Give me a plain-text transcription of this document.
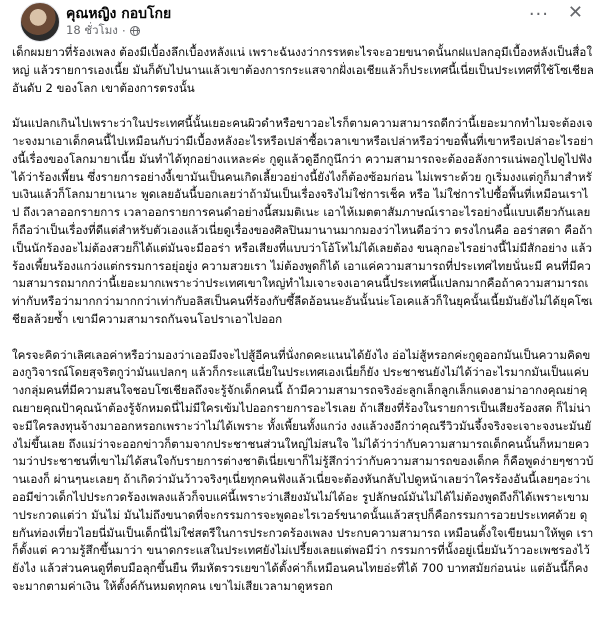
คุณหญิง กอบโกย
18 ชั่วโมง ·
··· ✕

เด็กผมยาวที่ร้องเพลง ต้องมีเบื้องลึกเบื้องหลังแน่ เพราะฉันงงว่ากรรหตะไรจะอวยขนาดนั้นกฝแปลกอุมีเบื้องหลังเป็นสื่อใหญ่ แล้วรายการเองเนี้ย มันก็ดับไปนานแล้วเขาต้องการกระแสจากฝั่งเอเชียแล้วก็ประเทศนี้เนี่ยเป็นประเทศที่ใช้โซเชียลอันดับ 2 ของโลก เขาต้องการตรงนั้น

มันแปลกเกินไปเพราะว่าในประเทศนี้นั้นเยอะคนผิวดำหรือขาวอะไรก็ตามความสามารถดีกว่านี้เยอะมากทำไมจะต้องเจาะจงมาเอาเด็กคนนี้ไปเหมือนกับว่ามีเบื้องหลังอะไรหรือเปล่าซื้อเวลาเขาหรือเปล่าหรือว่าขอพื้นที่เขาหรือเปล่าอะไรอย่างนี้เรื่องของโลกมายาเนี้ย มันทำได้ทุกอย่างเเหละค่ะ กูดูแล้วดูอีกกูนึกว่า ความสามารถจะต้องอลังการแน่พอกูไปดูไปฟังได้ว่าร้องเพี้ยน ซึ่งรายการอย่างงี้เขามันเป็นคนเกิดเลี้ยวอย่างนี้ยังไงก็ต้องซ้อมก่อน ไม่เพราะด้วย กูเริ่มงงแต่กูก็มาสำหรับเงินแล้วก็โลกมายาเนาะ พูดเลยอันนี้บอกเลยว่าถ้ามันเป็นเรื่องจริงไม่ใช่การเช็ค หรือ ไม่ใช่การไปซื้อพื้นที่เหมือนเราไป ถึงเวลาออกรายการ เวลาออกรายการคนดำอย่างนี้สมมติเนะ เอาไห้เมตตาสัมภาษณ์เราอะไรอย่างนี้แบบเดียวกันเลยก็ถือว่าเป็นเรื่องที่ดีแต่สำหรับตัวเองแล้วเนี่ยดูเรื่องของศิลปินมานานมากมองว่าไหนดีอว่าว ตรงไกนคือ ออร่าสดา คือถ้าเป็นนักร้องอะไม่ต้องสวยก็ได้แต่มันจะมีออร่า หรือเสียงที่แบบว่าโอ้โหไม่ได้เลยต้อง ขนลุกอะไรอย่างนี้ไม่มีสักอย่าง แล้วร้องเพี้ยนร้องแกว่งแต่กรรมการอยุ่อยู่ง ความสวยเรา ไม่ต้องพูดก็ได้ เอาแค่ความสามารถที่ประเทศไทยนั่นะมี คนที่มีความสามารถมากกว่านี้เยอะมากเพราะว่าประเทศเขาใหญ่ทำไมเจาะจงเอาคนนี้ประเทศนี้แปลกมากคือถ้าความสามารถเท่ากับหรือว่ามากกว่ามากกว่าเท่ากับอลิสเป็นคนที่ร้องกับซึ้ลีดอ้อนนะอันนั้นน่ะโอเคแล้วก็ในยุคนั้นเนี้ยมันยังไม่ได้ยุคโซเชียลล้วยซ้ำ เขามีความสามารถกันจนโอปราเอาไปออก

ใครจะคิดว่าเลิศเลอค่าหรือว่ามองว่าเออมึงจะไปสู้อีคนที่นั่งกดคะแนนได้ยังไง อ่อไม่สู้หรอกค่ะกูดูออกมันเป็นความคิดของกูวิจารณ์โดยสุจริตกูว่ามันแปลกๆ แล้วก็กระแสเนี่ยในประเทศเองเนี่ยก็ยัง ประชาชนยังไม่ได้ว่าอะไรมากมันเป็นแค่บางกลุ่มคนที่มีความสนใจชอบโซเชียลถึงจะรู้จักเด็กคนนี้ ถ้ามีความสามารถจริงอ่ะลูกเล็กลูกเล็กแดงฮาม่าอากงคุณย่าคุณยายคุณป้าคุณน้าต้องรู้จักหมดนี่ไม่มีใครเข้มไปออกรายการอะไรเลย ถ้าเสียงที่ร้องในรายการเป็นเสียงร้องสด ก็ไม่น่าจะมีใครลงทุนจ้างมาออกหรอกเพราะว่าไม่ได้เพราะ ทั้งเพี้ยนทั้งแกว่ง งงแล้วงงอีกว่าคุณรีวิวมันจึ้งจริงจะเจาะจงนะมันยังไม่ขึ้นเลย ถึงแม่ว่าจะออกข่าวก็ตามจากประชาชนส่วนใหญ่ไม่สนใจ ไม่ได้ว่าว่ากับความสามารถเด็กคนนั้นก็หมายความว่าประชาชนที่เขาไม่ได้สนใจกับรายการต่างชาติเนี่ยเขาก็ไม่รู้สึกว่าว่ากับความสามารถของเด็กค ก็คือพูดง่ายๆชาวบ้านเองก็ ผ่านๆนะเลยๆ ถ้าเกิดว่ามันว้าวจริงๆเนี่ยทุกคนฟังแล้วเนี่ยจะต้องหันกลับไปดูหน้าเลยว่าใครร้องอันนี้เลยๆอะว่าเออมีข่าวเด็กไปประกวดร้องเพลงแล้วก็จบแค่นี้เพราะว่าเสียงมันไม่ได้อะ รูปลักษณ์มันไม่ได้ไม่ต้องพูดถึงก็ได้เพราะเขามาประกวดแต่ว่า มันไม่ มันไม่ถึงขนาดที่จะกรรมการจะพูดอะไรเวอร์ขนาดนั้นแล้วสรุปก็คือกรรมการอวยประเทศด้วย ดุยกันท่องเที่ยวไอยนี่มันเป็นเด็กนี่ไม่ใช่สตรีในการประกวดร้องเพลง ประกบความสามารถ เหมือนตั้งใจเขียนมาให้พูด เราก็ตั้งแต่ ความรู้สึกขึ้นมาว่า ขนาดกระแสในประเทศยังไม่เปรี้ยงเลยแต่พอมีว่า กรรมการที่นั้งอยู่เนี่ยมันว้าวอะเพชรองไว้ยังไง แล้วส่วนคนดูที่ตบมือลุกขึ้นยืน ทีมหัตรวรเยขาได้ตั้งค่าก็เหมือนคนไทยอ่ะที่ได้ 700 บาทสมัยก่อนน่ะ แต่อันนี้ก็คงจะมากตามค่าเงิน ให้ตั้งค์กันหมดทุกคน เขาไม่เสียเวลามาดูหรอก
